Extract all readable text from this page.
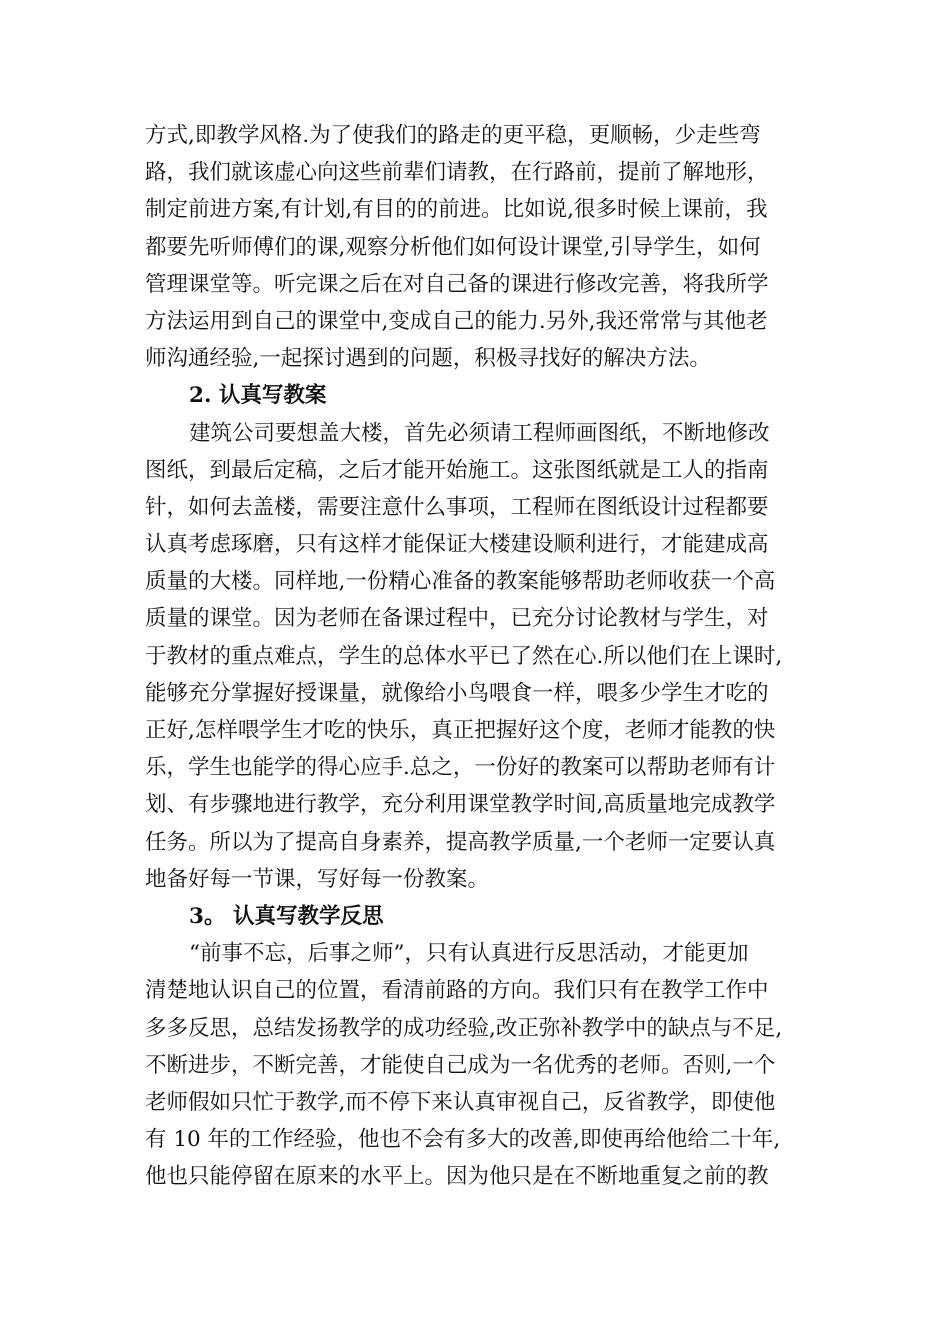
方式,即教学风格.为了使我们的路走的更平稳，更顺畅，少走些弯
路，我们就该虚心向这些前辈们请教，在行路前，提前了解地形，
制定前进方案,有计划,有目的的前进。比如说,很多时候上课前，我
都要先听师傅们的课,观察分析他们如何设计课堂,引导学生，如何
管理课堂等。听完课之后在对自己备的课进行修改完善，将我所学
方法运用到自己的课堂中,变成自己的能力.另外,我还常常与其他老
师沟通经验,一起探讨遇到的问题，积极寻找好的解决方法。
2. 认真写教案
建筑公司要想盖大楼，首先必须请工程师画图纸，不断地修改
图纸，到最后定稿，之后才能开始施工。这张图纸就是工人的指南
针，如何去盖楼，需要注意什么事项，工程师在图纸设计过程都要
认真考虑琢磨，只有这样才能保证大楼建设顺利进行，才能建成高
质量的大楼。同样地,一份精心准备的教案能够帮助老师收获一个高
质量的课堂。因为老师在备课过程中，已充分讨论教材与学生，对
于教材的重点难点，学生的总体水平已了然在心.所以他们在上课时,
能够充分掌握好授课量，就像给小鸟喂食一样，喂多少学生才吃的
正好,怎样喂学生才吃的快乐，真正把握好这个度，老师才能教的快
乐，学生也能学的得心应手.总之，一份好的教案可以帮助老师有计
划、有步骤地进行教学，充分利用课堂教学时间,高质量地完成教学
任务。所以为了提高自身素养，提高教学质量,一个老师一定要认真
地备好每一节课，写好每一份教案。
3。 认真写教学反思
“前事不忘，后事之师”，只有认真进行反思活动，才能更加
清楚地认识自己的位置，看清前路的方向。我们只有在教学工作中
多多反思，总结发扬教学的成功经验,改正弥补教学中的缺点与不足,
不断进步，不断完善，才能使自己成为一名优秀的老师。否则,一个
老师假如只忙于教学,而不停下来认真审视自己，反省教学，即使他
有 10 年的工作经验，他也不会有多大的改善,即使再给他给二十年,
他也只能停留在原来的水平上。因为他只是在不断地重复之前的教
